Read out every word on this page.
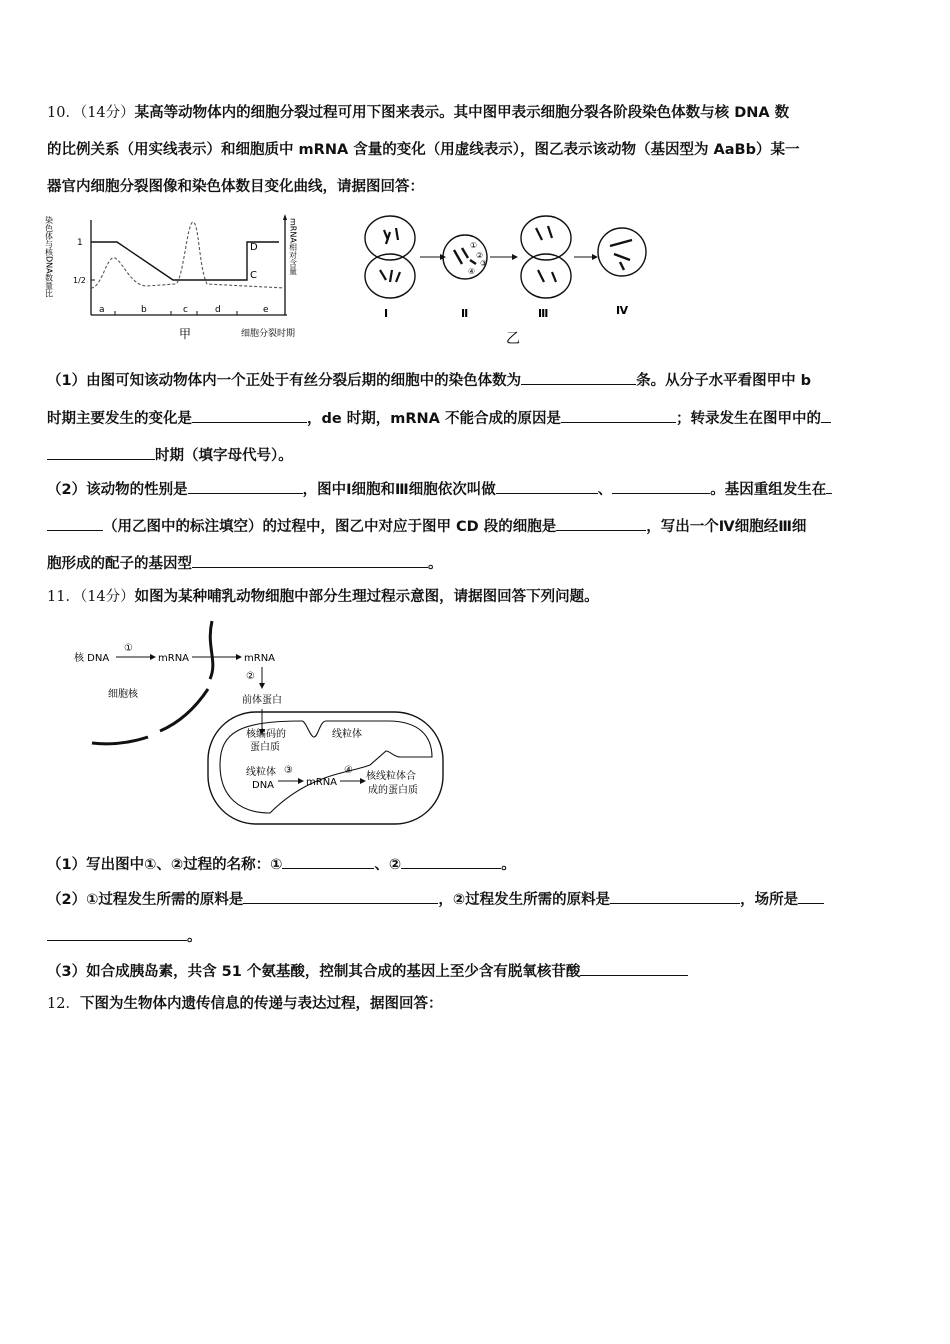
10．（14分）某高等动物体内的细胞分裂过程可用下图来表示。其中图甲表示细胞分裂各阶段染色体数与核 DNA 数
的比例关系（用实线表示）和细胞质中 mRNA 含量的变化（用虚线表示），图乙表示该动物（基因型为 AaBb）某一
器官内细胞分裂图像和染色体数目变化曲线，请据图回答：
染色体与核DNA数量比	mRNA相对含量
1
1/2
D
C
a	b	c	d	e
细胞分裂时期
甲
Ⅰ
①
②
③
④
Ⅱ	Ⅲ	Ⅳ
乙
（1）由图可知该动物体内一个正处于有丝分裂后期的细胞中的染色体数为	条。从分子水平看图甲中 b
时期主要发生的变化是	，de 时期，mRNA 不能合成的原因是	；转录发生在图甲中的
时期（填字母代号）。
（2）该动物的性别是	，图中Ⅰ细胞和Ⅲ细胞依次叫做	、	。基因重组发生在
（用乙图中的标注填空）的过程中，图乙中对应于图甲 CD 段的细胞是	，写出一个Ⅳ细胞经Ⅲ细
胞形成的配子的基因型	。
11．（14分）如图为某种哺乳动物细胞中部分生理过程示意图，请据图回答下列问题。
核 DNA
①
mRNA	mRNA
②
前体蛋白
细胞核
核编码的
蛋白质
线粒体
线粒体
DNA
③
mRNA
④
核线粒体合
成的蛋白质
（1）写出图中①、②过程的名称：①	、②	。
（2）①过程发生所需的原料是	，②过程发生所需的原料是	，场所是
。
（3）如合成胰岛素，共含 51 个氨基酸，控制其合成的基因上至少含有脱氧核苷酸
12．下图为生物体内遗传信息的传递与表达过程，据图回答：
